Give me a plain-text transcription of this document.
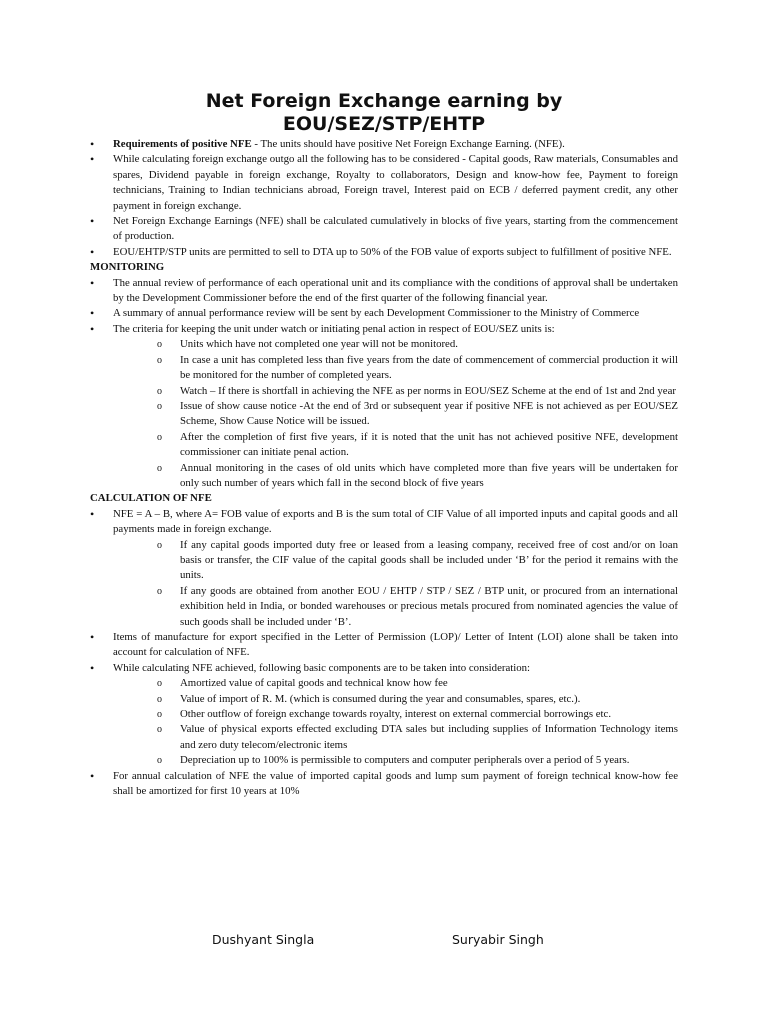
Net Foreign Exchange earning by
EOU/SEZ/STP/EHTP
• Requirements of positive NFE - The units should have positive Net Foreign Exchange Earning. (NFE).
• While calculating foreign exchange outgo all the following has to be considered - Capital goods, Raw materials, Consumables and spares, Dividend payable in foreign exchange, Royalty to collaborators, Design and know-how fee, Payment to foreign technicians, Training to Indian technicians abroad, Foreign travel, Interest paid on ECB / deferred payment credit, any other payment in foreign exchange.
• Net Foreign Exchange Earnings (NFE) shall be calculated cumulatively in blocks of five years, starting from the commencement of production.
• EOU/EHTP/STP units are permitted to sell to DTA up to 50% of the FOB value of exports subject to fulfillment of positive NFE.

MONITORING

• The annual review of performance of each operational unit and its compliance with the conditions of approval shall be undertaken by the Development Commissioner before the end of the first quarter of the following financial year.
• A summary of annual performance review will be sent by each Development Commissioner to the Ministry of Commerce
• The criteria for keeping the unit under watch or initiating penal action in respect of EOU/SEZ units is:
o Units which have not completed one year will not be monitored.
o In case a unit has completed less than five years from the date of commencement of commercial production it will be monitored for the number of completed years.
o Watch – If there is shortfall in achieving the NFE as per norms in EOU/SEZ Scheme at the end of 1st and 2nd year
o Issue of show cause notice -At the end of 3rd or subsequent year if positive NFE is not achieved as per EOU/SEZ Scheme, Show Cause Notice will be issued.
o After the completion of first five years, if it is noted that the unit has not achieved positive NFE, development commissioner can initiate penal action.
o Annual monitoring in the cases of old units which have completed more than five years will be undertaken for only such number of years which fall in the second block of five years

CALCULATION OF NFE

• NFE = A – B, where A= FOB value of exports and B is the sum total of CIF Value of all imported inputs and capital goods and all payments made in foreign exchange.
o If any capital goods imported duty free or leased from a leasing company, received free of cost and/or on loan basis or transfer, the CIF value of the capital goods shall be included under ‘B’ for the period it remains with the units.
o If any goods are obtained from another EOU / EHTP / STP / SEZ / BTP unit, or procured from an international exhibition held in India, or bonded warehouses or precious metals procured from nominated agencies the value of such goods shall be included under ‘B’.
• Items of manufacture for export specified in the Letter of Permission (LOP)/ Letter of Intent (LOI) alone shall be taken into account for calculation of NFE.
• While calculating NFE achieved, following basic components are to be taken into consideration:
o Amortized value of capital goods and technical know how fee
o Value of import of R. M. (which is consumed during the year and consumables, spares, etc.).
o Other outflow of foreign exchange towards royalty, interest on external commercial borrowings etc.
o Value of physical exports effected excluding DTA sales but including supplies of Information Technology items and zero duty telecom/electronic items
o Depreciation up to 100% is permissible to computers and computer peripherals over a period of 5 years.
• For annual calculation of NFE the value of imported capital goods and lump sum payment of foreign technical know-how fee shall be amortized for first 10 years at 10%
Dushyant Singla	Suryabir Singh
